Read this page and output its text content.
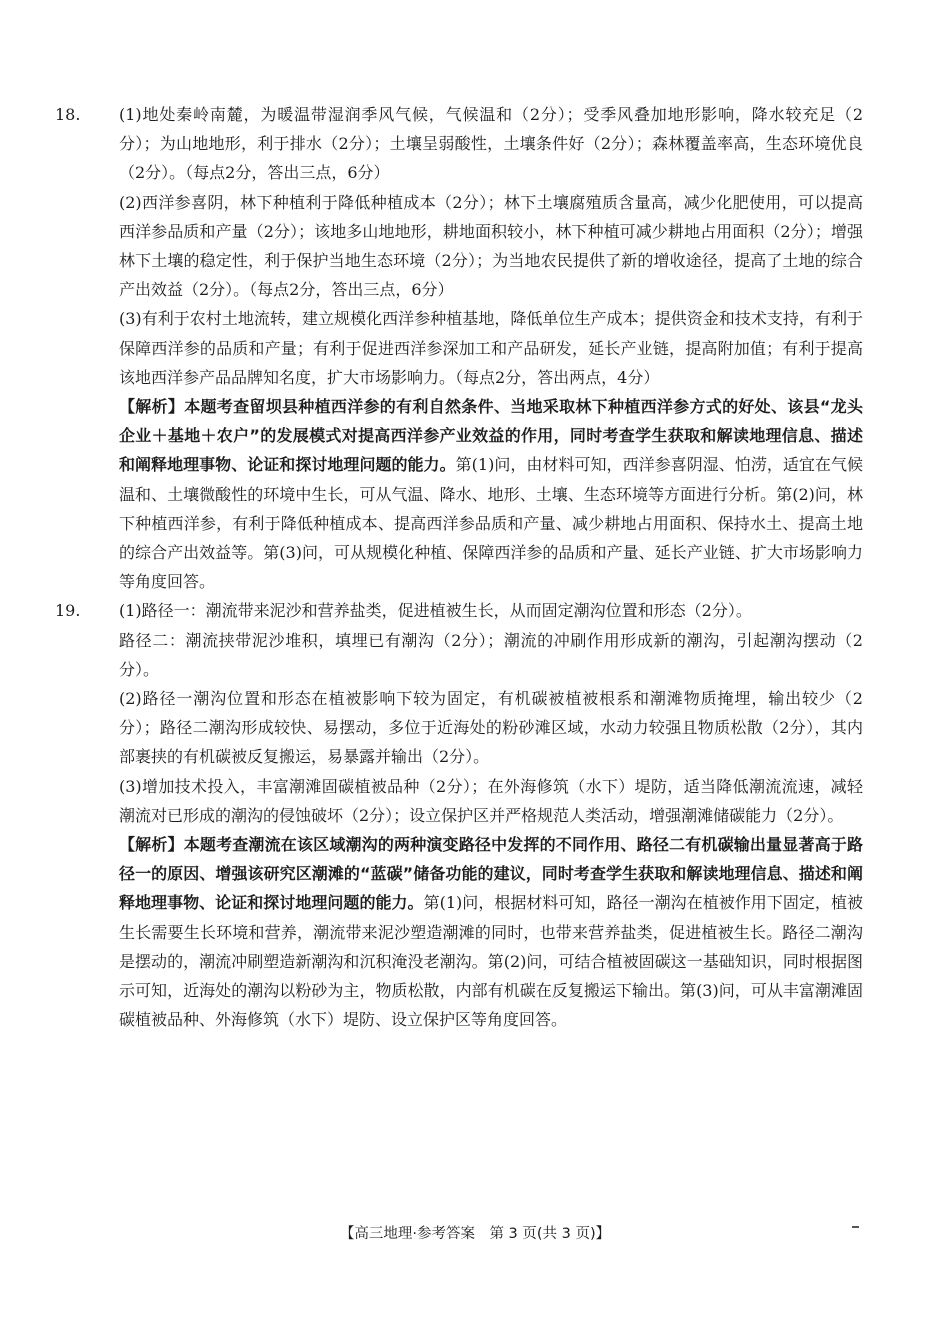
18. (1)地处秦岭南麓，为暖温带湿润季风气候，气候温和（2分）；受季风叠加地形影响，降水较充足（2分）；为山地地形，利于排水（2分）；土壤呈弱酸性，土壤条件好（2分）；森林覆盖率高，生态环境优良（2分）。（每点2分，答出三点，6分）

(2)西洋参喜阴，林下种植利于降低种植成本（2分）；林下土壤腐殖质含量高，减少化肥使用，可以提高西洋参品质和产量（2分）；该地多山地地形，耕地面积较小，林下种植可减少耕地占用面积（2分）；增强林下土壤的稳定性，利于保护当地生态环境（2分）；为当地农民提供了新的增收途径，提高了土地的综合产出效益（2分）。（每点2分，答出三点，6分）

(3)有利于农村土地流转，建立规模化西洋参种植基地，降低单位生产成本；提供资金和技术支持，有利于保障西洋参的品质和产量；有利于促进西洋参深加工和产品研发，延长产业链，提高附加值；有利于提高该地西洋参产品品牌知名度，扩大市场影响力。（每点2分，答出两点，4分）

【解析】本题考查留坝县种植西洋参的有利自然条件、当地采取林下种植西洋参方式的好处、该县“龙头企业＋基地＋农户”的发展模式对提高西洋参产业效益的作用，同时考查学生获取和解读地理信息、描述和阐释地理事物、论证和探讨地理问题的能力。第(1)问，由材料可知，西洋参喜阴湿、怕涝，适宜在气候温和、土壤微酸性的环境中生长，可从气温、降水、地形、土壤、生态环境等方面进行分析。第(2)问，林下种植西洋参，有利于降低种植成本、提高西洋参品质和产量、减少耕地占用面积、保持水土、提高土地的综合产出效益等。第(3)问，可从规模化种植、保障西洋参的品质和产量、延长产业链、扩大市场影响力等角度回答。

19. (1)路径一：潮流带来泥沙和营养盐类，促进植被生长，从而固定潮沟位置和形态（2分）。

路径二：潮流挟带泥沙堆积，填埋已有潮沟（2分）；潮流的冲刷作用形成新的潮沟，引起潮沟摆动（2分）。

(2)路径一潮沟位置和形态在植被影响下较为固定，有机碳被植被根系和潮滩物质掩埋，输出较少（2分）；路径二潮沟形成较快、易摆动，多位于近海处的粉砂滩区域，水动力较强且物质松散（2分），其内部裹挟的有机碳被反复搬运，易暴露并输出（2分）。

(3)增加技术投入，丰富潮滩固碳植被品种（2分）；在外海修筑（水下）堤防，适当降低潮流流速，减轻潮流对已形成的潮沟的侵蚀破坏（2分）；设立保护区并严格规范人类活动，增强潮滩储碳能力（2分）。

【解析】本题考查潮流在该区域潮沟的两种演变路径中发挥的不同作用、路径二有机碳输出量显著高于路径一的原因、增强该研究区潮滩的“蓝碳”储备功能的建议，同时考查学生获取和解读地理信息、描述和阐释地理事物、论证和探讨地理问题的能力。第(1)问，根据材料可知，路径一潮沟在植被作用下固定，植被生长需要生长环境和营养，潮流带来泥沙塑造潮滩的同时，也带来营养盐类，促进植被生长。路径二潮沟是摆动的，潮流冲刷塑造新潮沟和沉积淹没老潮沟。第(2)问，可结合植被固碳这一基础知识，同时根据图示可知，近海处的潮沟以粉砂为主，物质松散，内部有机碳在反复搬运下输出。第(3)问，可从丰富潮滩固碳植被品种、外海修筑（水下）堤防、设立保护区等角度回答。

【高三地理·参考答案　第 3 页(共 3 页)】
